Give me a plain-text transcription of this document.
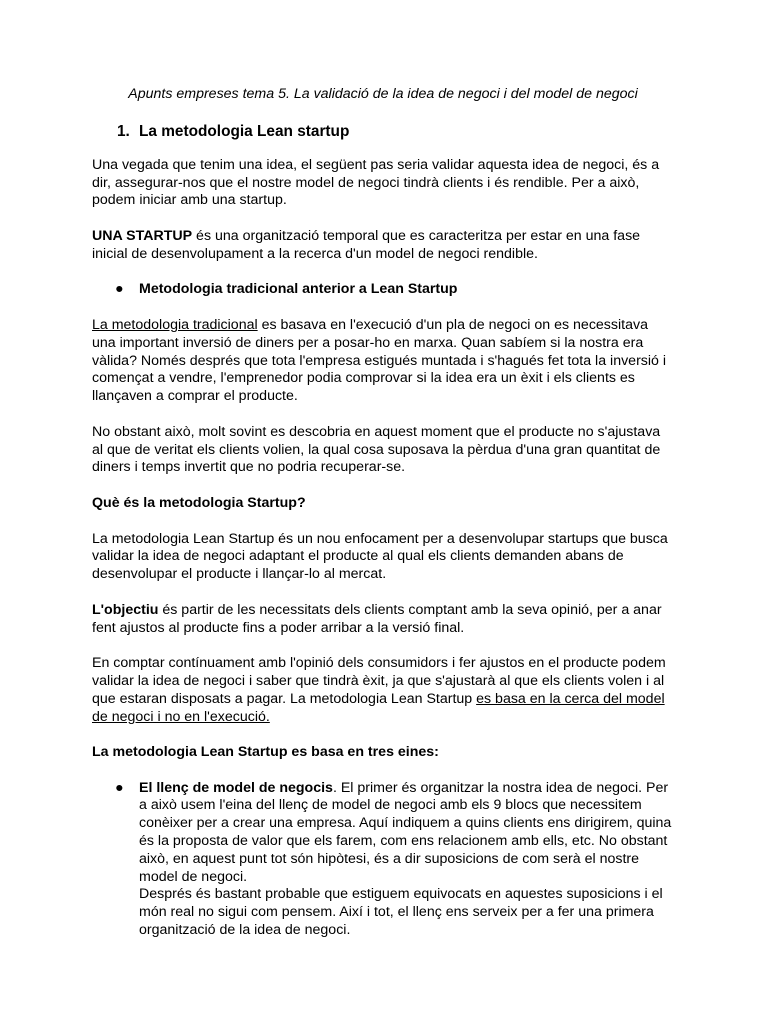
Apunts empreses tema 5. La validació de la idea de negoci i del model de negoci

1. La metodologia Lean startup

Una vegada que tenim una idea, el següent pas seria validar aquesta idea de negoci, és a dir, assegurar-nos que el nostre model de negoci tindrà clients i és rendible. Per a això, podem iniciar amb una startup.

UNA STARTUP és una organització temporal que es caracteritza per estar en una fase inicial de desenvolupament a la recerca d'un model de negoci rendible.

● Metodologia tradicional anterior a Lean Startup

La metodologia tradicional es basava en l'execució d'un pla de negoci on es necessitava una important inversió de diners per a posar-ho en marxa. Quan sabíem si la nostra era vàlida? Només després que tota l'empresa estigués muntada i s'hagués fet tota la inversió i començat a vendre, l'emprenedor podia comprovar si la idea era un èxit i els clients es llançaven a comprar el producte.

No obstant això, molt sovint es descobria en aquest moment que el producte no s'ajustava al que de veritat els clients volien, la qual cosa suposava la pèrdua d'una gran quantitat de diners i temps invertit que no podria recuperar-se.

Què és la metodologia Startup?

La metodologia Lean Startup és un nou enfocament per a desenvolupar startups que busca validar la idea de negoci adaptant el producte al qual els clients demanden abans de desenvolupar el producte i llançar-lo al mercat.

L'objectiu és partir de les necessitats dels clients comptant amb la seva opinió, per a anar fent ajustos al producte fins a poder arribar a la versió final.

En comptar contínuament amb l'opinió dels consumidors i fer ajustos en el producte podem validar la idea de negoci i saber que tindrà èxit, ja que s'ajustarà al que els clients volen i al que estaran disposats a pagar. La metodologia Lean Startup es basa en la cerca del model de negoci i no en l'execució.

La metodologia Lean Startup es basa en tres eines:

● El llenç de model de negocis. El primer és organitzar la nostra idea de negoci. Per a això usem l'eina del llenç de model de negoci amb els 9 blocs que necessitem conèixer per a crear una empresa. Aquí indiquem a quins clients ens dirigirem, quina és la proposta de valor que els farem, com ens relacionem amb ells, etc. No obstant això, en aquest punt tot són hipòtesi, és a dir suposicions de com serà el nostre model de negoci.

Després és bastant probable que estiguem equivocats en aquestes suposicions i el món real no sigui com pensem. Així i tot, el llenç ens serveix per a fer una primera organització de la idea de negoci.
